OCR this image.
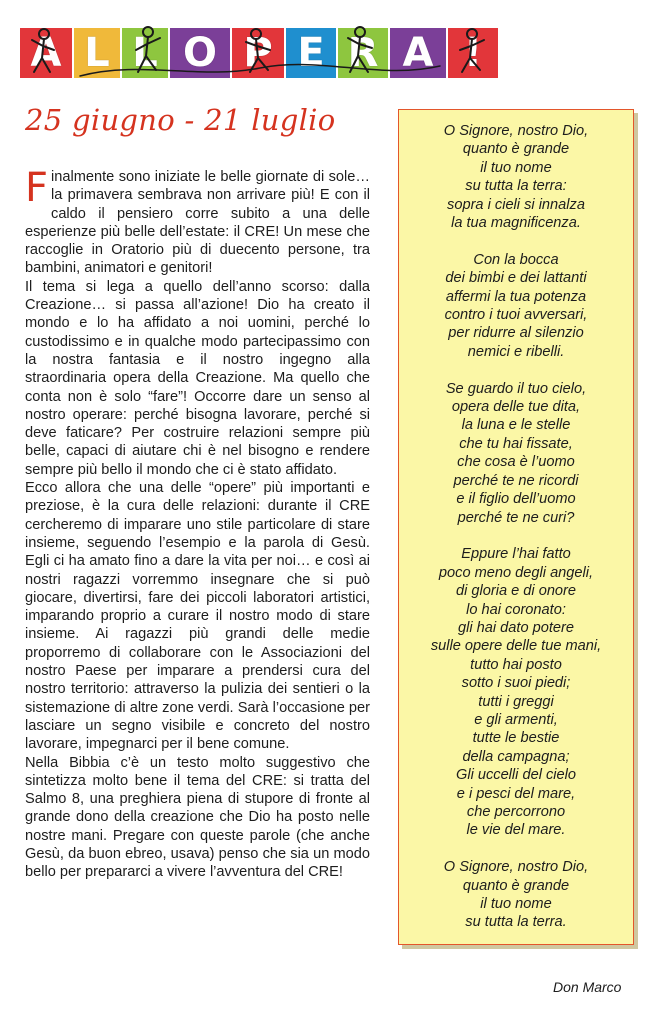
A L L O P E R A !
25 giugno - 21 luglio

Finalmente sono iniziate le belle giornate di sole… la primavera sembrava non arrivare più! E con il caldo il pensiero corre subito a una delle esperienze più belle dell’estate: il CRE! Un mese che raccoglie in Oratorio più di duecento persone, tra bambini, animatori e genitori!

Il tema si lega a quello dell’anno scorso: dalla Creazione… si passa all’azione! Dio ha creato il mondo e lo ha affidato a noi uomini, perché lo custodissimo e in qualche modo partecipassimo con la nostra fantasia e il nostro ingegno alla straordinaria opera della Creazione. Ma quello che conta non è solo “fare”! Occorre dare un senso al nostro operare: perché bisogna lavorare, perché si deve faticare? Per costruire relazioni sempre più belle, capaci di aiutare chi è nel bisogno e rendere sempre più bello il mondo che ci è stato affidato.

Ecco allora che una delle “opere” più importanti e preziose, è la cura delle relazioni: durante il CRE cercheremo di imparare uno stile particolare di stare insieme, seguendo l’esempio e la parola di Gesù. Egli ci ha amato fino a dare la vita per noi… e così ai nostri ragazzi vorremmo insegnare che si può giocare, divertirsi, fare dei piccoli laboratori artistici, imparando proprio a curare il nostro modo di stare insieme. Ai ragazzi più grandi delle medie proporremo di collaborare con le Associazioni del nostro Paese per imparare a prendersi cura del nostro territorio: attraverso la pulizia dei sentieri o la sistemazione di altre zone verdi. Sarà l’occasione per lasciare un segno visibile e concreto del nostro lavorare, impegnarci per il bene comune.

Nella Bibbia c’è un testo molto suggestivo che sintetizza molto bene il tema del CRE: si tratta del Salmo 8, una preghiera piena di stupore di fronte al grande dono della creazione che Dio ha posto nelle nostre mani. Pregare con queste parole (che anche Gesù, da buon ebreo, usava) penso che sia un modo bello per prepararci a vivere l’avventura del CRE!

O Signore, nostro Dio,
quanto è grande
il tuo nome
su tutta la terra:
sopra i cieli si innalza
la tua magnificenza.
Con la bocca
dei bimbi e dei lattanti
affermi la tua potenza
contro i tuoi avversari,
per ridurre al silenzio
nemici e ribelli.
Se guardo il tuo cielo,
opera delle tue dita,
la luna e le stelle
che tu hai fissate,
che cosa è l’uomo
perché te ne ricordi
e il figlio dell’uomo
perché te ne curi?
Eppure l’hai fatto
poco meno degli angeli,
di gloria e di onore
lo hai coronato:
gli hai dato potere
sulle opere delle tue mani,
tutto hai posto
sotto i suoi piedi;
tutti i greggi
e gli armenti,
tutte le bestie
della campagna;
Gli uccelli del cielo
e i pesci del mare,
che percorrono
le vie del mare.
O Signore, nostro Dio,
quanto è grande
il tuo nome
su tutta la terra.
Don Marco
